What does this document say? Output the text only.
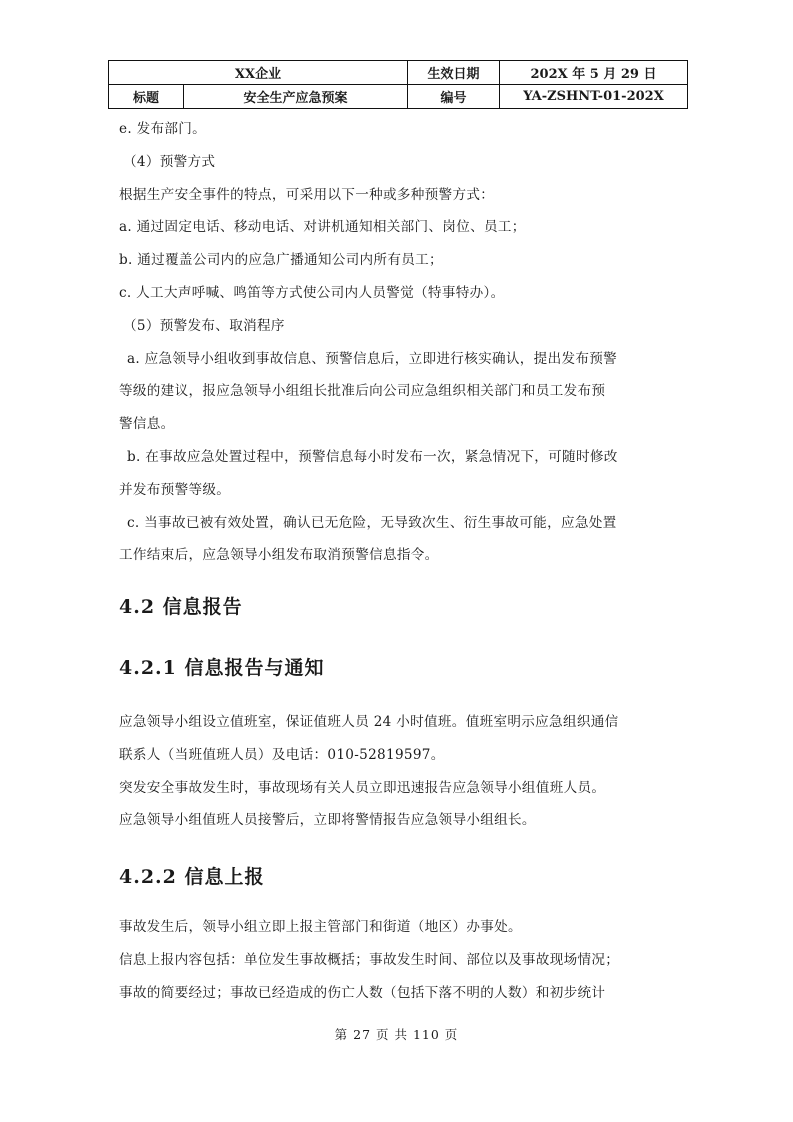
XX企业		生效日期	202X 年 5 月 29 日
标题	安全生产应急预案	编号	YA-ZSHNT-01-202X
e. 发布部门。
（4）预警方式
根据生产安全事件的特点，可采用以下一种或多种预警方式：
a. 通过固定电话、移动电话、对讲机通知相关部门、岗位、员工；
b. 通过覆盖公司内的应急广播通知公司内所有员工；
c. 人工大声呼喊、鸣笛等方式使公司内人员警觉（特事特办）。
（5）预警发布、取消程序
a. 应急领导小组收到事故信息、预警信息后，立即进行核实确认，提出发布预警
等级的建议，报应急领导小组组长批准后向公司应急组织相关部门和员工发布预
警信息。
b. 在事故应急处置过程中，预警信息每小时发布一次，紧急情况下，可随时修改
并发布预警等级。
c. 当事故已被有效处置，确认已无危险，无导致次生、衍生事故可能，应急处置
工作结束后，应急领导小组发布取消预警信息指令。
4.2 信息报告
4.2.1 信息报告与通知
应急领导小组设立值班室，保证值班人员 24 小时值班。值班室明示应急组织通信
联系人（当班值班人员）及电话：010-52819597。
突发安全事故发生时，事故现场有关人员立即迅速报告应急领导小组值班人员。
应急领导小组值班人员接警后，立即将警情报告应急领导小组组长。
4.2.2 信息上报
事故发生后，领导小组立即上报主管部门和街道（地区）办事处。
信息上报内容包括：单位发生事故概括；事故发生时间、部位以及事故现场情况；
事故的简要经过；事故已经造成的伤亡人数（包括下落不明的人数）和初步统计
第 27 页 共 110 页
